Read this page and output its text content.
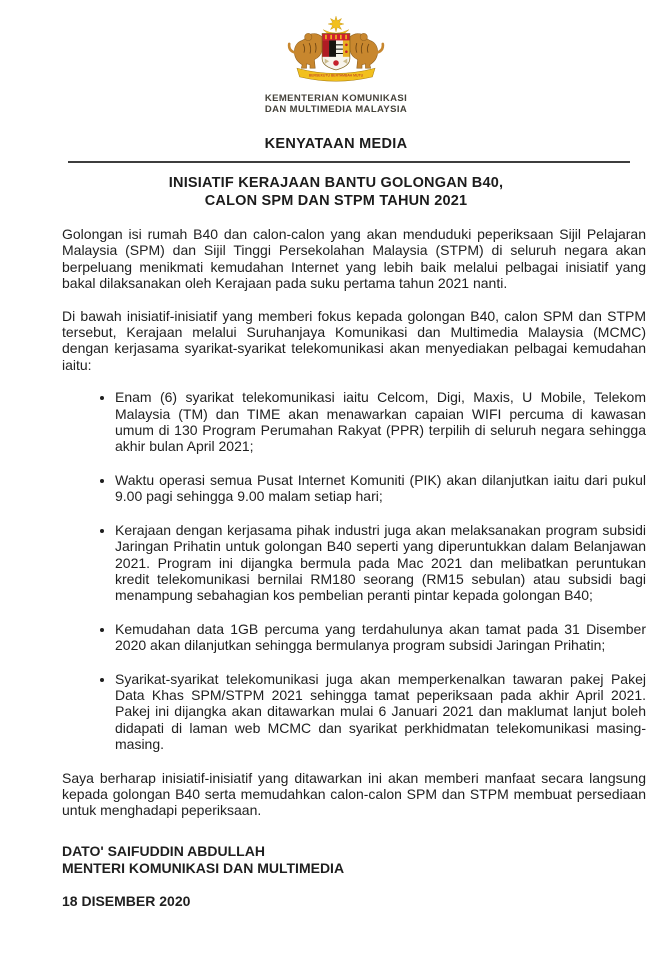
BERSEKUTU BERTAMBAH MUTU
KEMENTERIAN KOMUNIKASI
DAN MULTIMEDIA MALAYSIA
KENYATAAN MEDIA
INISIATIF KERAJAAN BANTU GOLONGAN B40,
CALON SPM DAN STPM TAHUN 2021

Golongan isi rumah B40 dan calon-calon yang akan menduduki peperiksaan Sijil Pelajaran Malaysia (SPM) dan Sijil Tinggi Persekolahan Malaysia (STPM) di seluruh negara akan berpeluang menikmati kemudahan Internet yang lebih baik melalui pelbagai inisiatif yang bakal dilaksanakan oleh Kerajaan pada suku pertama tahun 2021 nanti.

Di bawah inisiatif-inisiatif yang memberi fokus kepada golongan B40, calon SPM dan STPM tersebut, Kerajaan melalui Suruhanjaya Komunikasi dan Multimedia Malaysia (MCMC) dengan kerjasama syarikat-syarikat telekomunikasi akan menyediakan pelbagai kemudahan iaitu:

• Enam (6) syarikat telekomunikasi iaitu Celcom, Digi, Maxis, U Mobile, Telekom Malaysia (TM) dan TIME akan menawarkan capaian WIFI percuma di kawasan umum di 130 Program Perumahan Rakyat (PPR) terpilih di seluruh negara sehingga akhir bulan April 2021;
• Waktu operasi semua Pusat Internet Komuniti (PIK) akan dilanjutkan iaitu dari pukul 9.00 pagi sehingga 9.00 malam setiap hari;
• Kerajaan dengan kerjasama pihak industri juga akan melaksanakan program subsidi Jaringan Prihatin untuk golongan B40 seperti yang diperuntukkan dalam Belanjawan 2021. Program ini dijangka bermula pada Mac 2021 dan melibatkan peruntukan kredit telekomunikasi bernilai RM180 seorang (RM15 sebulan) atau subsidi bagi menampung sebahagian kos pembelian peranti pintar kepada golongan B40;
• Kemudahan data 1GB percuma yang terdahulunya akan tamat pada 31 Disember 2020 akan dilanjutkan sehingga bermulanya program subsidi Jaringan Prihatin;
• Syarikat-syarikat telekomunikasi juga akan memperkenalkan tawaran pakej Pakej Data Khas SPM/STPM 2021 sehingga tamat peperiksaan pada akhir April 2021. Pakej ini dijangka akan ditawarkan mulai 6 Januari 2021 dan maklumat lanjut boleh didapati di laman web MCMC dan syarikat perkhidmatan telekomunikasi masing-masing.

Saya berharap inisiatif-inisiatif yang ditawarkan ini akan memberi manfaat secara langsung kepada golongan B40 serta memudahkan calon-calon SPM dan STPM membuat persediaan untuk menghadapi peperiksaan.

DATO' SAIFUDDIN ABDULLAH
MENTERI KOMUNIKASI DAN MULTIMEDIA
18 DISEMBER 2020
